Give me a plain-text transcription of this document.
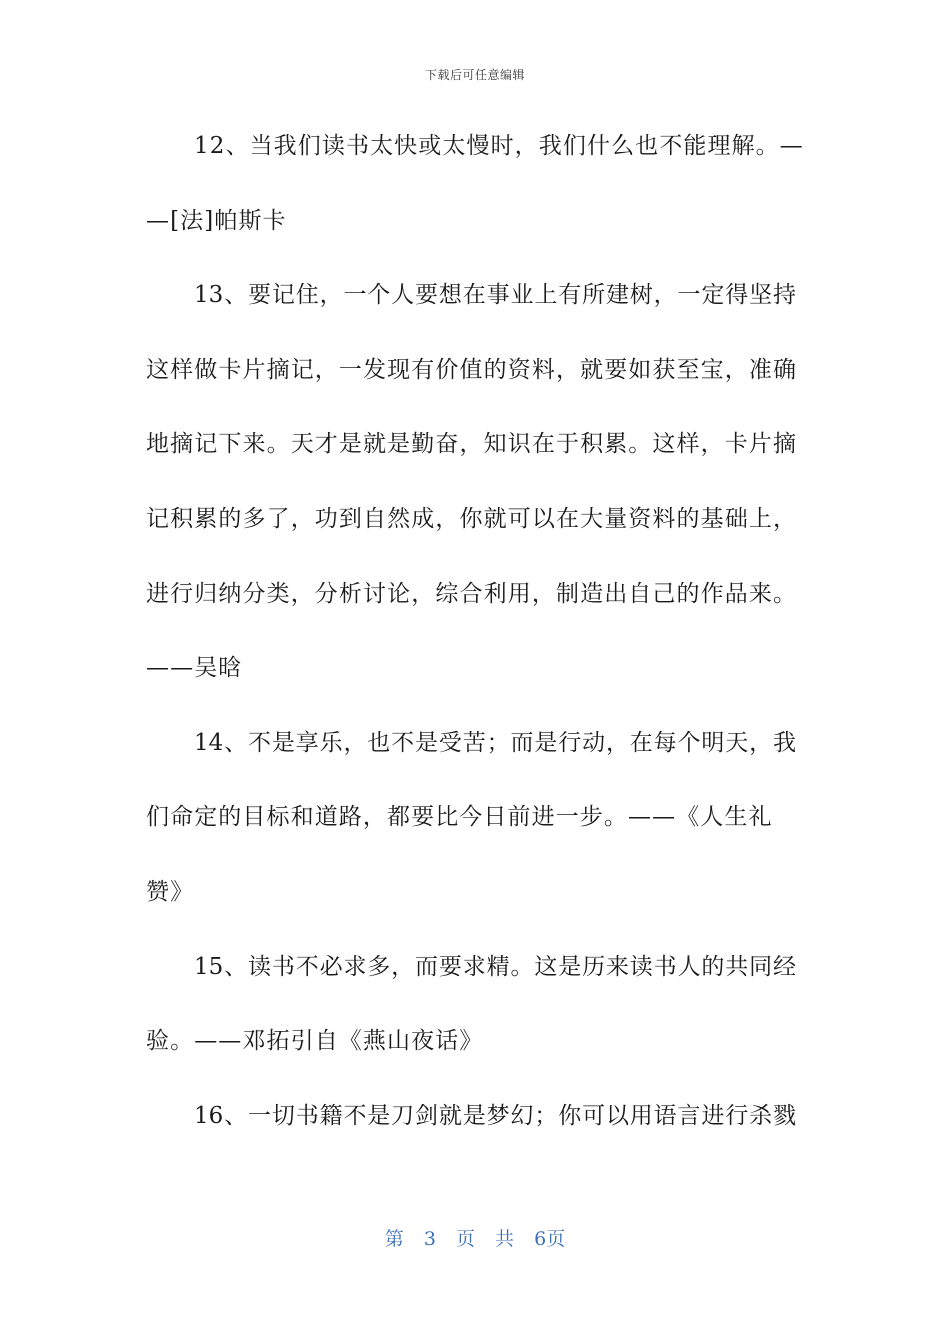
下载后可任意编辑
12、当我们读书太快或太慢时，我们什么也不能理解。—
—[法]帕斯卡
13、要记住，一个人要想在事业上有所建树，一定得坚持
这样做卡片摘记，一发现有价值的资料，就要如获至宝，准确
地摘记下来。天才是就是勤奋，知识在于积累。这样，卡片摘
记积累的多了，功到自然成，你就可以在大量资料的基础上，
进行归纳分类，分析讨论，综合利用，制造出自己的作品来。
——吴晗
14、不是享乐，也不是受苦；而是行动，在每个明天，我
们命定的目标和道路，都要比今日前进一步。——《人生礼
赞》
15、读书不必求多，而要求精。这是历来读书人的共同经
验。——邓拓引自《燕山夜话》
16、一切书籍不是刀剑就是梦幻；你可以用语言进行杀戮
第 3 页 共 6页
